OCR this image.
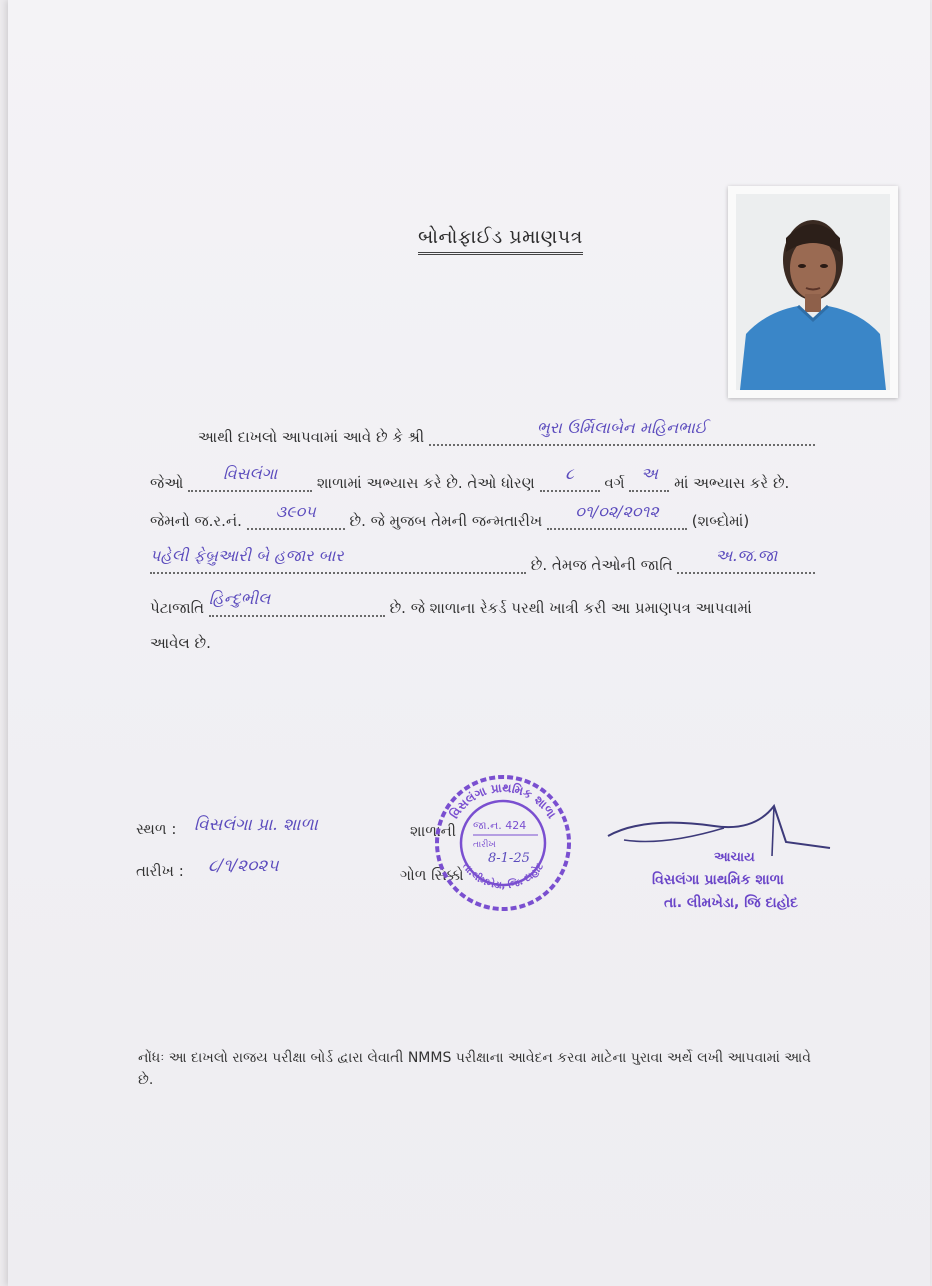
બોનોફાઈડ પ્રમાણપત્ર
આથી દાખલો આપવામાં આવે છે કે શ્રી	ભુરા ઉર્મિલાબેન મહિનભાઈ
જેઓ વિસલંગા	શાળામાં અભ્યાસ કરે છે. તેઓ ધોરણ ૮ વર્ગ અ માં અભ્યાસ કરે છે.
જેમનો જ.ર.નં. ૩૯૦૫ છે. જે મુજબ તેમની જન્મતારીખ ૦૧/૦૨/૨૦૧૨ (શબ્દોમાં)
પહેલી ફેબ્રુઆરી બે હજાર બાર	છે. તેમજ તેઓની જાતિ	અ.જ.જા
પેટાજાતિ હિન્દુભીલ	છે. જે શાળાના રેકર્ડ પરથી ખાત્રી કરી આ પ્રમાણપત્ર આપવામાં
આવેલ છે.
સ્થળ : વિસલંગા પ્રા. શાળા
તારીખ : ૮/૧/૨૦૨૫
શાળાની
ગોળ સિક્કો
વિસલંગા પ્રાથમિક શાળા
તા.લીમખેડા, જિ. દાહોદ
જા.ન. 424
તારીખ
8-1-25	આચાય
વિસલંગા પ્રાથમિક શાળા
તા. લીમખેડા, જિ દાહોદ
નોંધઃ આ દાખલો રાજય પરીક્ષા બોર્ડ દ્વારા લેવાતી NMMS પરીક્ષાના આવેદન કરવા માટેના પુરાવા અર્થે લખી આપવામાં આવે છે.
